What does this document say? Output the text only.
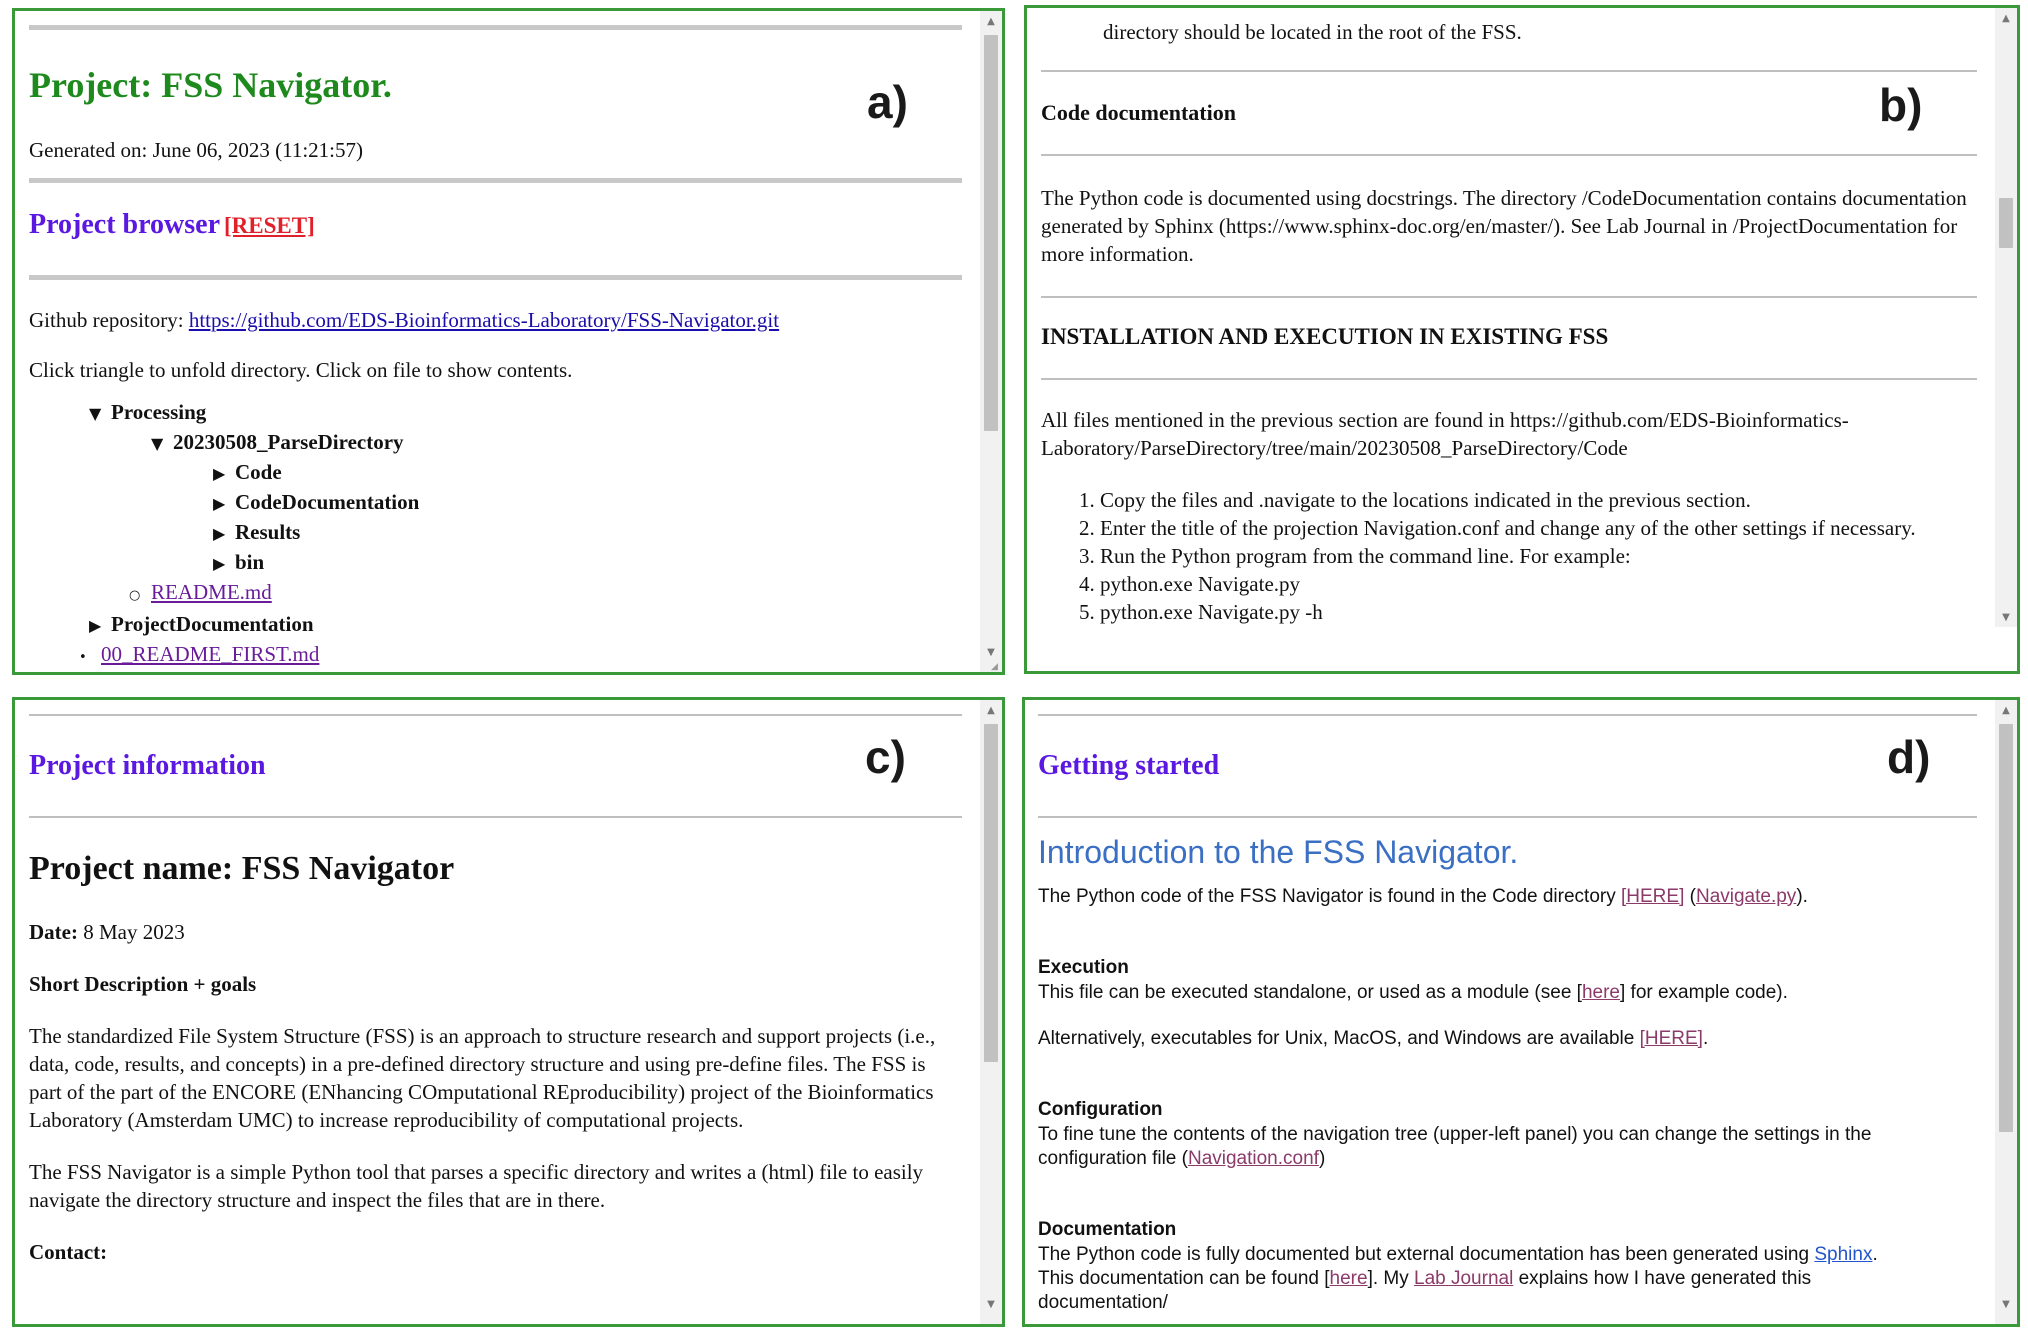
Project: FSS Navigator.
Generated on: June 06, 2023 (11:21:57)
Project browser [RESET]
Github repository: https://github.com/EDS-Bioinformatics-Laboratory/FSS-Navigator.git
Click triangle to unfold directory. Click on file to show contents.
▼ Processing
▼ 20230508_ParseDirectory
▶ Code
▶ CodeDocumentation
▶ Results
▶ bin
○ README.md
▶ ProjectDocumentation
• 00_README_FIRST.md
a)
▲
▼
◢
directory should be located in the root of the FSS.
Code documentation
The Python code is documented using docstrings. The directory /CodeDocumentation contains documentation generated by Sphinx (https://www.sphinx-doc.org/en/master/). See Lab Journal in /ProjectDocumentation for more information.
INSTALLATION AND EXECUTION IN EXISTING FSS
All files mentioned in the previous section are found in https://github.com/EDS-Bioinformatics-Laboratory/ParseDirectory/tree/main/20230508_ParseDirectory/Code
1. Copy the files and .navigate to the locations indicated in the previous section.
2. Enter the title of the projection Navigation.conf and change any of the other settings if necessary.
3. Run the Python program from the command line. For example:
4. python.exe Navigate.py
5. python.exe Navigate.py -h
b)
▲
▼
Project information
Project name: FSS Navigator
Date: 8 May 2023
Short Description + goals
The standardized File System Structure (FSS) is an approach to structure research and support projects (i.e., data, code, results, and concepts) in a pre-defined directory structure and using pre-define files. The FSS is part of the part of the ENCORE (ENhancing COmputational REproducibility) project of the Bioinformatics Laboratory (Amsterdam UMC) to increase reproducibility of computational projects.
The FSS Navigator is a simple Python tool that parses a specific directory and writes a (html) file to easily navigate the directory structure and inspect the files that are in there.
Contact:
c)
▲
▼
Getting started
Introduction to the FSS Navigator.
The Python code of the FSS Navigator is found in the Code directory [HERE] (Navigate.py).
Execution
This file can be executed standalone, or used as a module (see [here] for example code).
Alternatively, executables for Unix, MacOS, and Windows are available [HERE].
Configuration
To fine tune the contents of the navigation tree (upper-left panel) you can change the settings in the configuration file (Navigation.conf)
Documentation
The Python code is fully documented but external documentation has been generated using Sphinx.
This documentation can be found [here]. My Lab Journal explains how I have generated this
documentation/
d)
▲
▼
